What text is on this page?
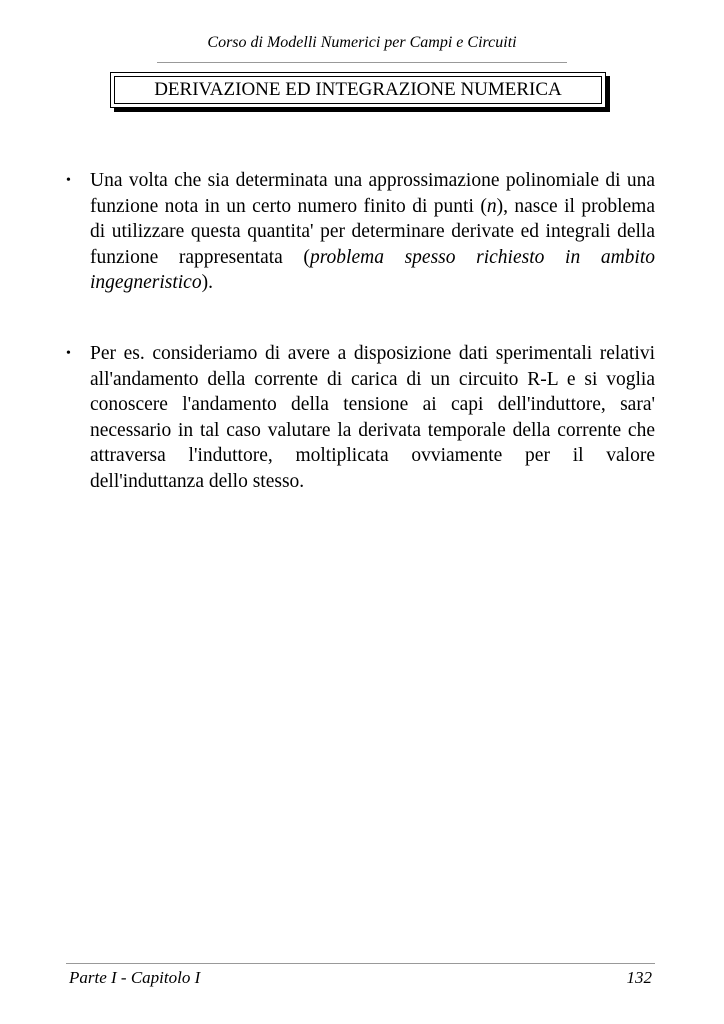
Corso di Modelli Numerici per Campi e Circuiti
DERIVAZIONE ED INTEGRAZIONE NUMERICA
• Una volta che sia determinata una approssimazione polinomiale di una funzione nota in un certo numero finito di punti (n), nasce il problema di utilizzare questa quantita' per determinare derivate ed integrali della funzione rappresentata (problema spesso richiesto in ambito ingegneristico).
• Per es. consideriamo di avere a disposizione dati sperimentali relativi all'andamento della corrente di carica di un circuito R-L e si voglia conoscere l'andamento della tensione ai capi dell'induttore, sara' necessario in tal caso valutare la derivata temporale della corrente che attraversa l'induttore, moltiplicata ovviamente per il valore dell'induttanza dello stesso.
Parte I - Capitolo I	132
